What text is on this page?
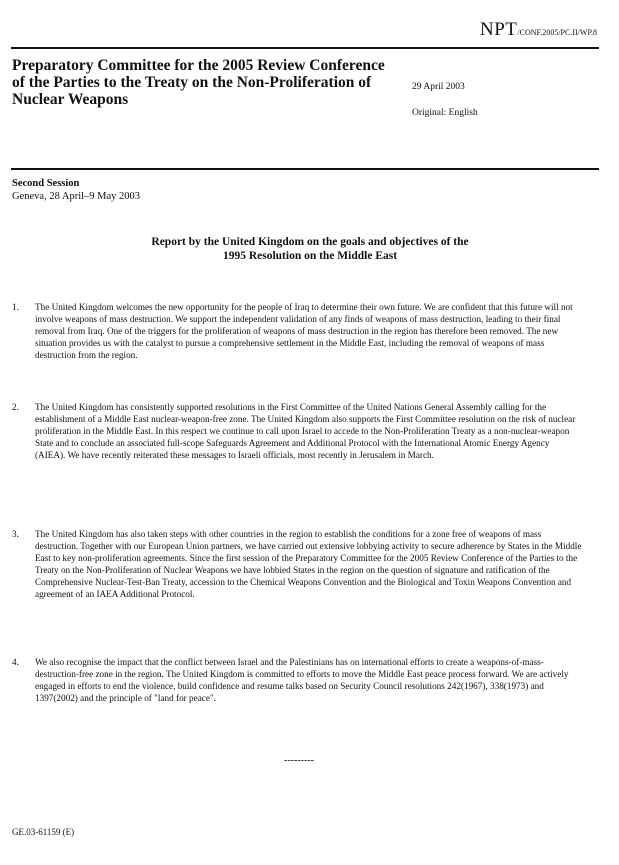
NPT/CONF.2005/PC.II/WP.8
Preparatory Committee for the 2005 Review Conference of the Parties to the Treaty on the Non-Proliferation of Nuclear Weapons
29 April 2003
Original: English
Second Session
Geneva, 28 April–9 May 2003
Report by the United Kingdom on the goals and objectives of the
1995 Resolution on the Middle East
1. The United Kingdom welcomes the new opportunity for the people of Iraq to determine their own future. We are confident that this future will not involve weapons of mass destruction. We support the independent validation of any finds of weapons of mass destruction, leading to their final removal from Iraq. One of the triggers for the proliferation of weapons of mass destruction in the region has therefore been removed. The new situation provides us with the catalyst to pursue a comprehensive settlement in the Middle East, including the removal of weapons of mass destruction from the region.
2. The United Kingdom has consistently supported resolutions in the First Committee of the United Nations General Assembly calling for the establishment of a Middle East nuclear-weapon-free zone. The United Kingdom also supports the First Committee resolution on the risk of nuclear proliferation in the Middle East. In this respect we continue to call upon Israel to accede to the Non-Proliferation Treaty as a non-nuclear-weapon State and to conclude an associated full-scope Safeguards Agreement and Additional Protocol with the International Atomic Energy Agency (AIEA). We have recently reiterated these messages to Israeli officials, most recently in Jerusalem in March.
3. The United Kingdom has also taken steps with other countries in the region to establish the conditions for a zone free of weapons of mass destruction. Together with our European Union partners, we have carried out extensive lobbying activity to secure adherence by States in the Middle East to key non-proliferation agreements. Since the first session of the Preparatory Committee for the 2005 Review Conference of the Parties to the Treaty on the Non-Proliferation of Nuclear Weapons we have lobbied States in the region on the question of signature and ratification of the Comprehensive Nuclear-Test-Ban Treaty, accession to the Chemical Weapons Convention and the Biological and Toxin Weapons Convention and agreement of an IAEA Additional Protocol.
4. We also recognise the impact that the conflict between Israel and the Palestinians has on international efforts to create a weapons-of-mass-destruction-free zone in the region. The United Kingdom is committed to efforts to move the Middle East peace process forward. We are actively engaged in efforts to end the violence, build confidence and resume talks based on Security Council resolutions 242(1967), 338(1973) and 1397(2002) and the principle of "land for peace".
---------
GE.03-61159 (E)
